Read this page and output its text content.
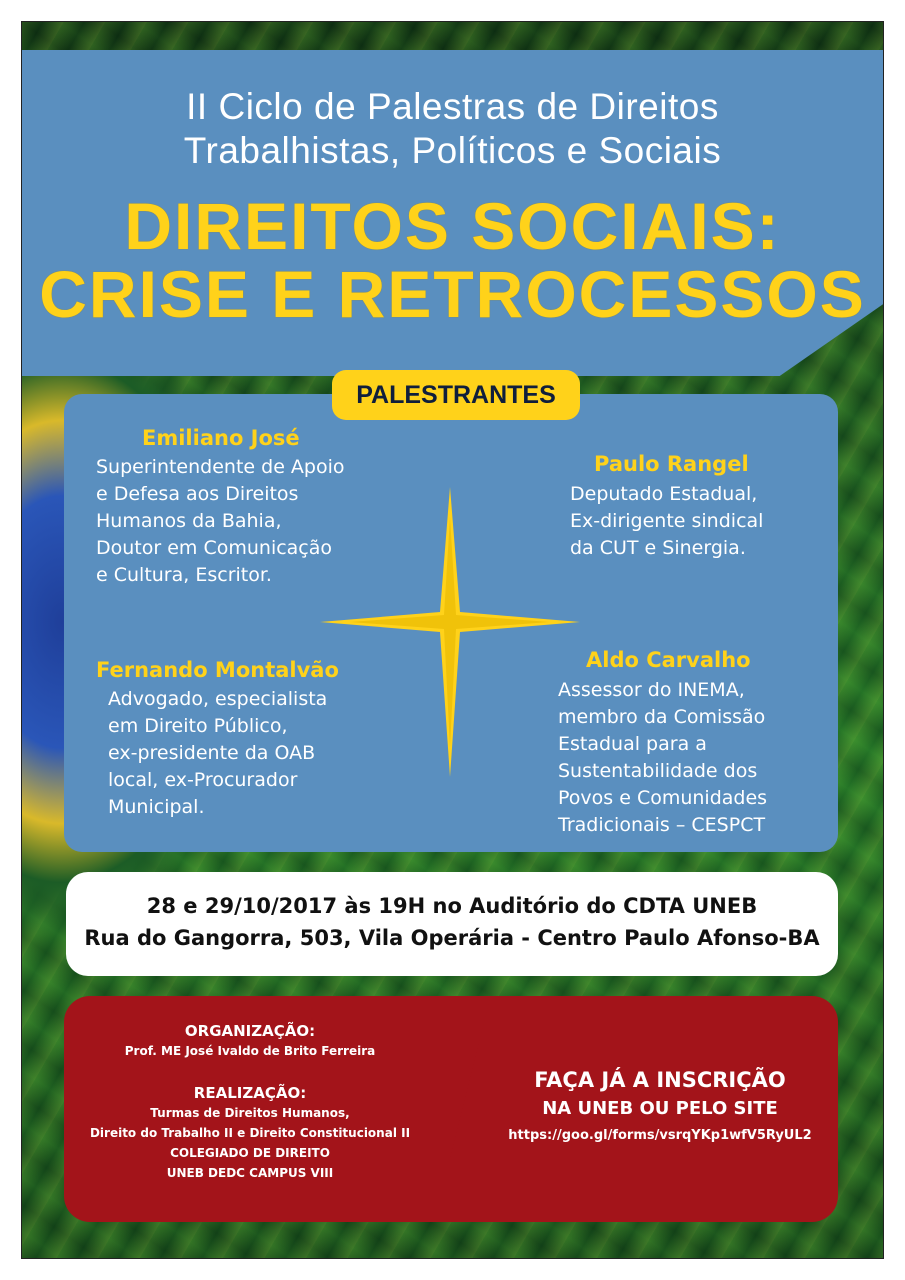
II Ciclo de Palestras de Direitos
Trabalhistas, Políticos e Sociais
DIREITOS SOCIAIS:
CRISE E RETROCESSOS
PALESTRANTES
Emiliano José
Superintendente de Apoio
e Defesa aos Direitos
Humanos da Bahia,
Doutor em Comunicação
e Cultura, Escritor.
Paulo Rangel
Deputado Estadual,
Ex-dirigente sindical
da CUT e Sinergia.
Fernando Montalvão
Advogado, especialista
em Direito Público,
ex-presidente da OAB
local, ex-Procurador
Municipal.
Aldo Carvalho
Assessor do INEMA,
membro da Comissão
Estadual para a
Sustentabilidade dos
Povos e Comunidades
Tradicionais – CESPCT
28 e 29/10/2017 às 19H no Auditório do CDTA UNEB
Rua do Gangorra, 503, Vila Operária - Centro Paulo Afonso-BA
ORGANIZAÇÃO:
Prof. ME José Ivaldo de Brito Ferreira
REALIZAÇÃO:
Turmas de Direitos Humanos,
Direito do Trabalho II e Direito Constitucional II
COLEGIADO DE DIREITO
UNEB DEDC CAMPUS VIII
FAÇA JÁ A INSCRIÇÃO
NA UNEB OU PELO SITE
https://goo.gl/forms/vsrqYKp1wfV5RyUL2
